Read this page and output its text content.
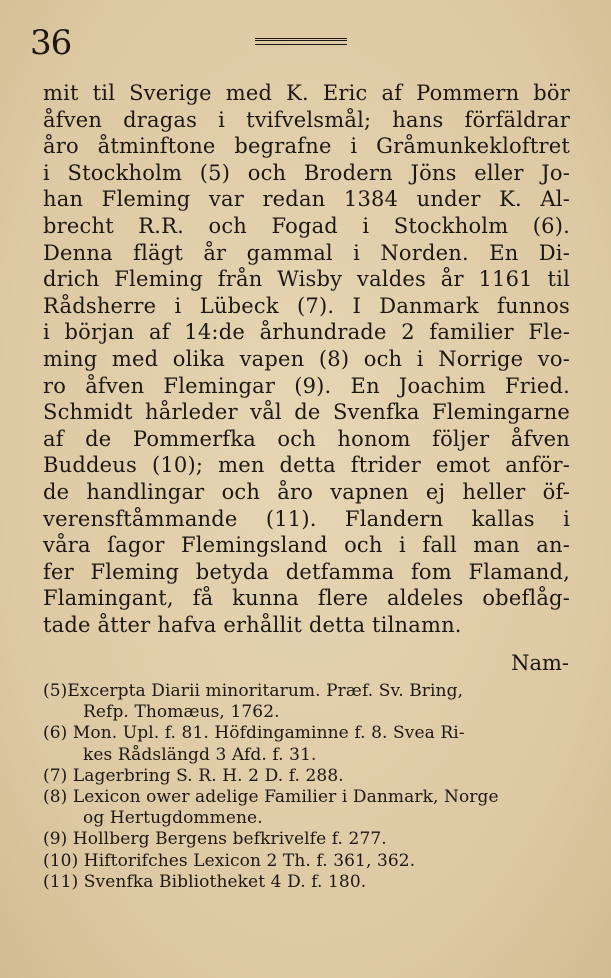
36
mit til Sverige med K. Eric af Pommern bör
åfven dragas i tvifvelsmål; hans förfäldrar
åro åtminftone begrafne i Gråmunkekloftret
i Stockholm (5) och Brodern Jöns eller Jo-
han Fleming var redan 1384 under K. Al-
brecht R.R. och Fogad i Stockholm (6).
Denna flägt år gammal i Norden. En Di-
drich Fleming från Wisby valdes år 1161 til
Rådsherre i Lübeck (7). I Danmark funnos
i början af 14:de århundrade 2 familier Fle-
ming med olika vapen (8) och i Norrige vo-
ro åfven Flemingar (9). En Joachim Fried.
Schmidt hårleder vål de Svenfka Flemingarne
af de Pommerfka och honom följer åfven
Buddeus (10); men detta ftrider emot anför-
de handlingar och åro vapnen ej heller öf-
verensftåmmande (11). Flandern kallas i
våra ſagor Flemingsland och i fall man an-
fer Fleming betyda detfamma fom Flamand,
Flamingant, få kunna flere aldeles obeflåg-
tade åtter hafva erhållit detta tilnamn.
Nam-
(5)Excerpta Diarii minoritarum. Præf. Sv. Bring,
Refp. Thomæus, 1762.
(6) Mon. Upl. f. 81. Höfdingaminne f. 8. Svea Ri-
kes Rådslängd 3 Afd. f. 31.
(7) Lagerbring S. R. H. 2 D. f. 288.
(8) Lexicon ower adelige Familier i Danmark, Norge
og Hertugdommene.
(9) Hollberg Bergens befkrivelfe f. 277.
(10) Hiftorifches Lexicon 2 Th. f. 361, 362.
(11) Svenfka Bibliotheket 4 D. f. 180.
